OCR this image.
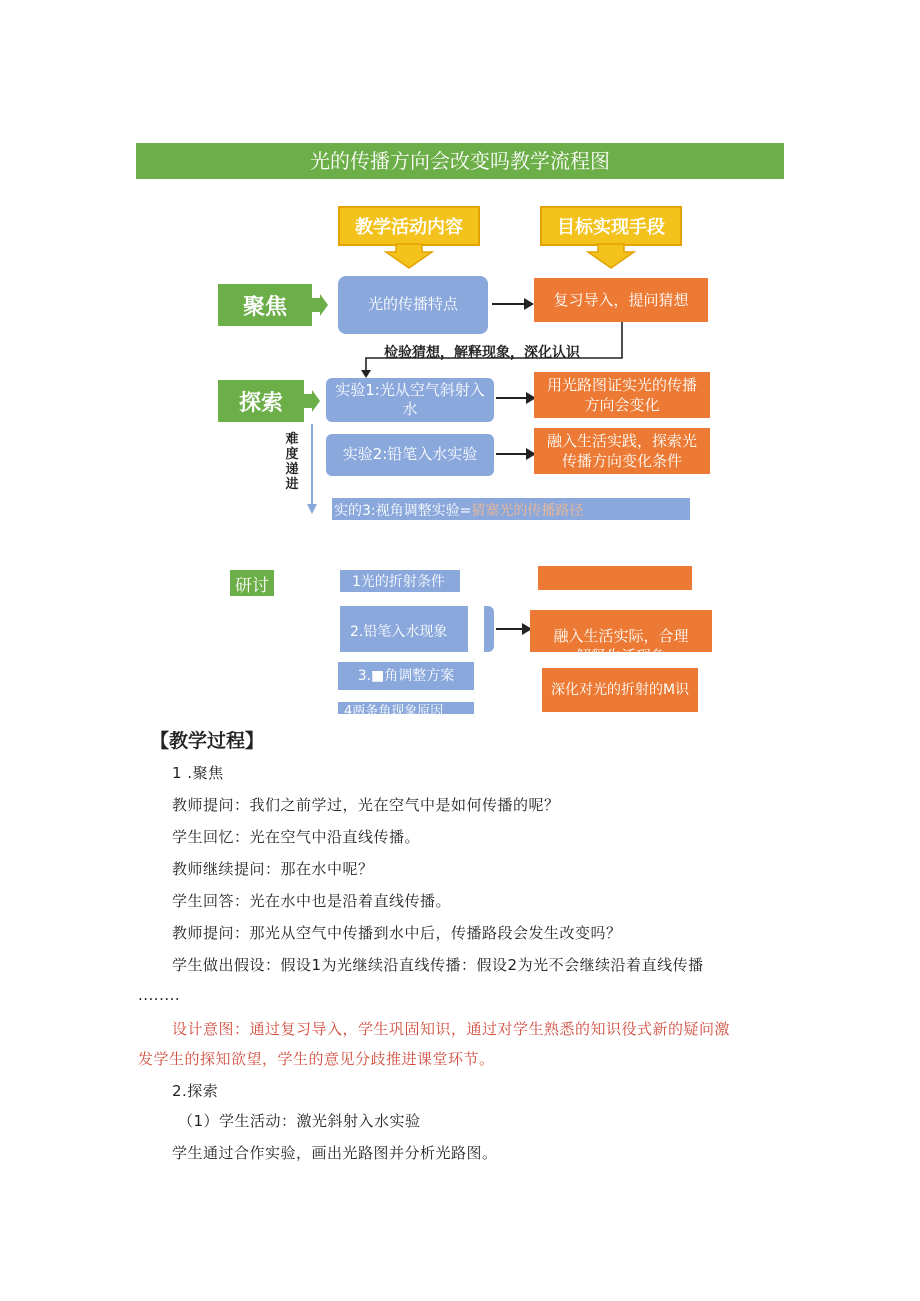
光的传播方向会改变吗教学流程图
教学活动内容	目标实现手段
聚焦	光的传播特点	复习导入，提问猜想
检验猜想，解释现象，深化认识
探索
难度递进
实验1:光从空气斜射入水
用光路图证实光的传播方向会变化
实验2:铅笔入水实验
融入生活实践，探索光传播方向变化条件
实的3:视角调整实验=猜寨光的传播路径
研讨	1光的折射条件
2.铅笔入水现象	融入生活实际，合理
解释生活现象
3.■角调整方案
深化对光的折射的M识
4两条角现象原因
【教学过程】
1 .聚焦
教师提问：我们之前学过，光在空气中是如何传播的呢？
学生回忆：光在空气中沿直线传播。
教师继续提问：那在水中呢？
学生回答：光在水中也是沿着直线传播。
教师提问：那光从空气中传播到水中后，传播路段会发生改变吗？
学生做出假设：假设1为光继续沿直线传播：假设2为光不会继续沿着直线传播
........
设计意图：通过复习导入，学生巩固知识，通过对学生熟悉的知识役式新的疑问激
发学生的探知欲望，学生的意见分歧推进课堂环节。
2.探索
（1）学生活动：激光斜射入水实验
学生通过合作实验，画出光路图并分析光路图。
